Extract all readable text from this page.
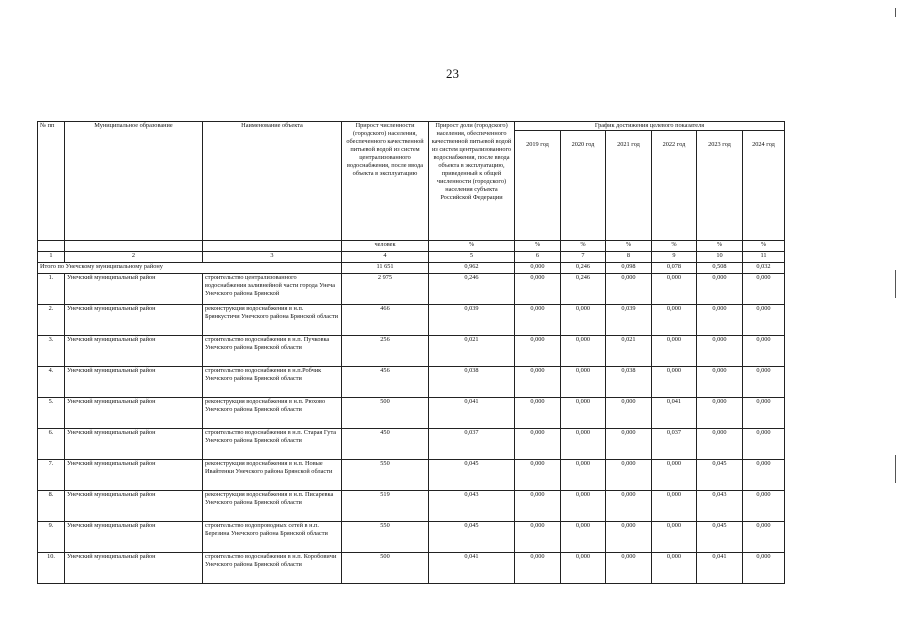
23
№ пп	Муниципальное образование	Наименование объекта	Прирост численности (городского) населения, обеспеченного качественной питьевой водой из систем централизованного водоснабжения, после ввода объекта в эксплуатацию	Прирост доли (городского) населения, обеспеченного качественной питьевой водой из систем централизованного водоснабжения, после ввода объекта в эксплуатацию, приведенный к общей численности (городского) населения субъекта Российской Федерации	График достижения целевого показателя					

					2019 год	2020 год	2021 год	2022 год	2023 год	2024 год

			человек	%	%	%	%	%	%	%
1	2	3	4	5	6	7	8	9	10	11
Итого по Унечскому муниципальному району			11 651	0,962	0,000	0,246	0,098	0,078	0,508	0,032
1.	Унечский муниципальный район	строительство централизованного водоснабжения заливнейной части города Унеча Унечского района Брянской	2 975	0,246	0,000	0,246	0,000	0,000	0,000	0,000
2.	Унечский муниципальный район	реконструкция водоснабжения в н.п. Брянкустичи Унечского района Брянской области	466	0,039	0,000	0,000	0,039	0,000	0,000	0,000
3.	Унечский муниципальный район	строительство водоснабжения в н.п. Пучковка Унечского района Брянской области	256	0,021	0,000	0,000	0,021	0,000	0,000	0,000
4.	Унечский муниципальный район	строительство водоснабжения в н.п.Робчик Унечского района Брянской области	456	0,038	0,000	0,000	0,038	0,000	0,000	0,000
5.	Унечский муниципальный район	реконструкция водоснабжения в н.п. Рюхово Унечского района Брянской области	500	0,041	0,000	0,000	0,000	0,041	0,000	0,000
6.	Унечский муниципальный район	строительство водоснабжения в н.п. Старая Гута Унечского района Брянской области	450	0,037	0,000	0,000	0,000	0,037	0,000	0,000
7.	Унечский муниципальный район	реконструкция водоснабжения в н.п. Новые Ивайтенки Унечского района Брянской области	550	0,045	0,000	0,000	0,000	0,000	0,045	0,000
8.	Унечский муниципальный район	реконструкция водоснабжения в н.п. Писаревка Унечского района Брянской области	519	0,043	0,000	0,000	0,000	0,000	0,043	0,000
9.	Унечский муниципальный район	строительство водопроводных сетей в н.п. Березина Унечского района Брянской области	550	0,045	0,000	0,000	0,000	0,000	0,045	0,000
10.	Унечский муниципальный район	строительство водоснабжения в н.п. Коробовичи Унечского района Брянской области	500	0,041	0,000	0,000	0,000	0,000	0,041	0,000
